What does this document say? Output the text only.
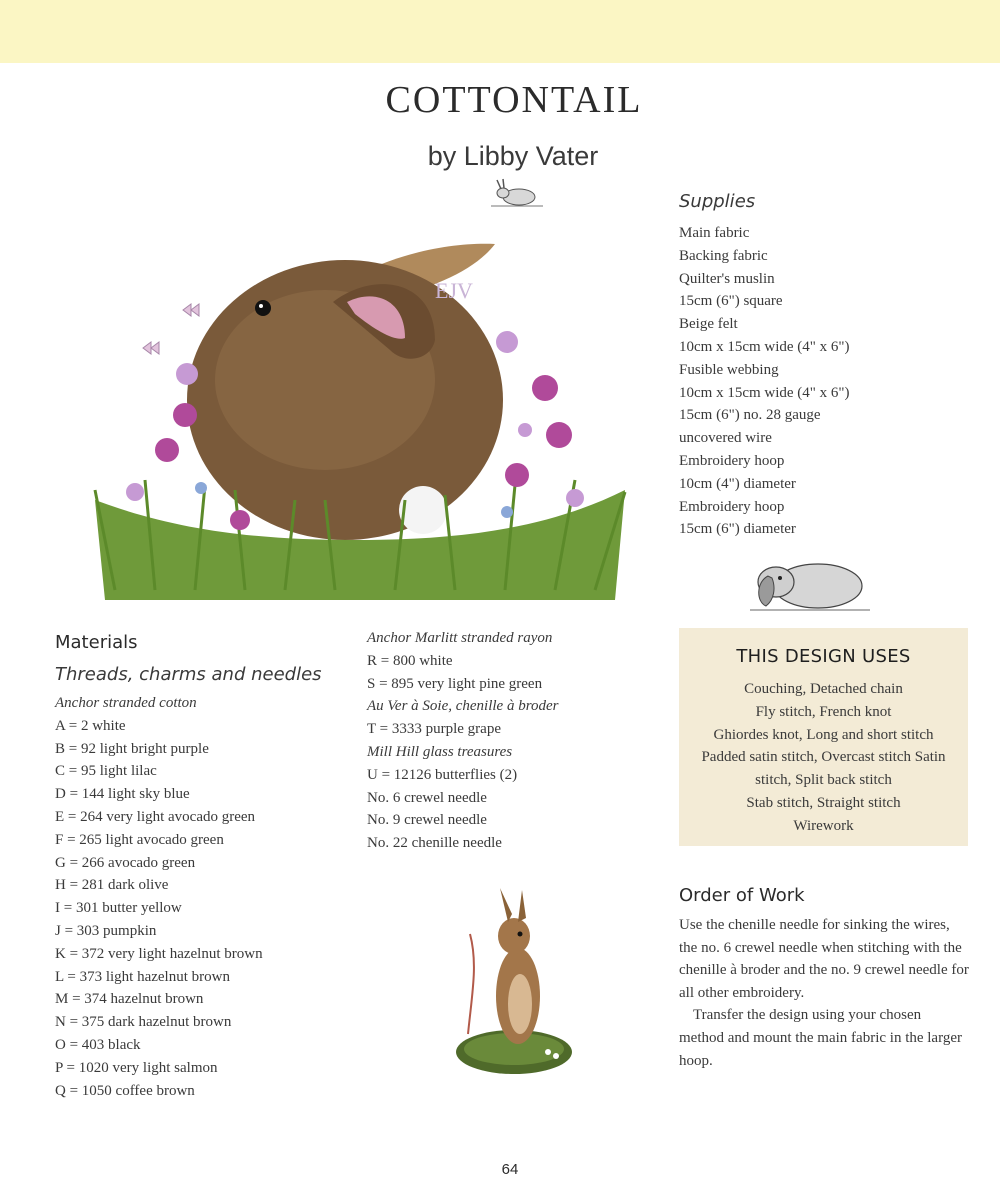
COTTONTAIL
by Libby Vater
EJV
Supplies
Main fabric
Backing fabric
Quilter's muslin
15cm (6") square
Beige felt
10cm x 15cm wide (4" x 6")
Fusible webbing
10cm x 15cm wide (4" x 6")
15cm (6") no. 28 gauge
uncovered wire
Embroidery hoop
10cm (4") diameter
Embroidery hoop
15cm (6") diameter
Materials
Threads, charms and needles
Anchor stranded cotton
A = 2 white
B = 92 light bright purple
C = 95 light lilac
D = 144 light sky blue
E = 264 very light avocado green
F = 265 light avocado green
G = 266 avocado green
H = 281 dark olive
I = 301 butter yellow
J = 303 pumpkin
K = 372 very light hazelnut brown
L = 373 light hazelnut brown
M = 374 hazelnut brown
N = 375 dark hazelnut brown
O = 403 black
P = 1020 very light salmon
Q = 1050 coffee brown
Anchor Marlitt stranded rayon
R = 800 white
S = 895 very light pine green
Au Ver à Soie, chenille à broder
T = 3333 purple grape
Mill Hill glass treasures
U = 12126 butterflies (2)
No. 6 crewel needle
No. 9 crewel needle
No. 22 chenille needle
THIS DESIGN USES
Couching, Detached chain
Fly stitch, French knot
Ghiordes knot, Long and short stitch
Padded satin stitch, Overcast stitch Satin
stitch, Split back stitch
Stab stitch, Straight stitch
Wirework
Order of Work

Use the chenille needle for sinking the wires, the no. 6 crewel needle when stitching with the chenille à broder and the no. 9 crewel needle for all other embroidery.

Transfer the design using your chosen method and mount the main fabric in the larger hoop.

64
